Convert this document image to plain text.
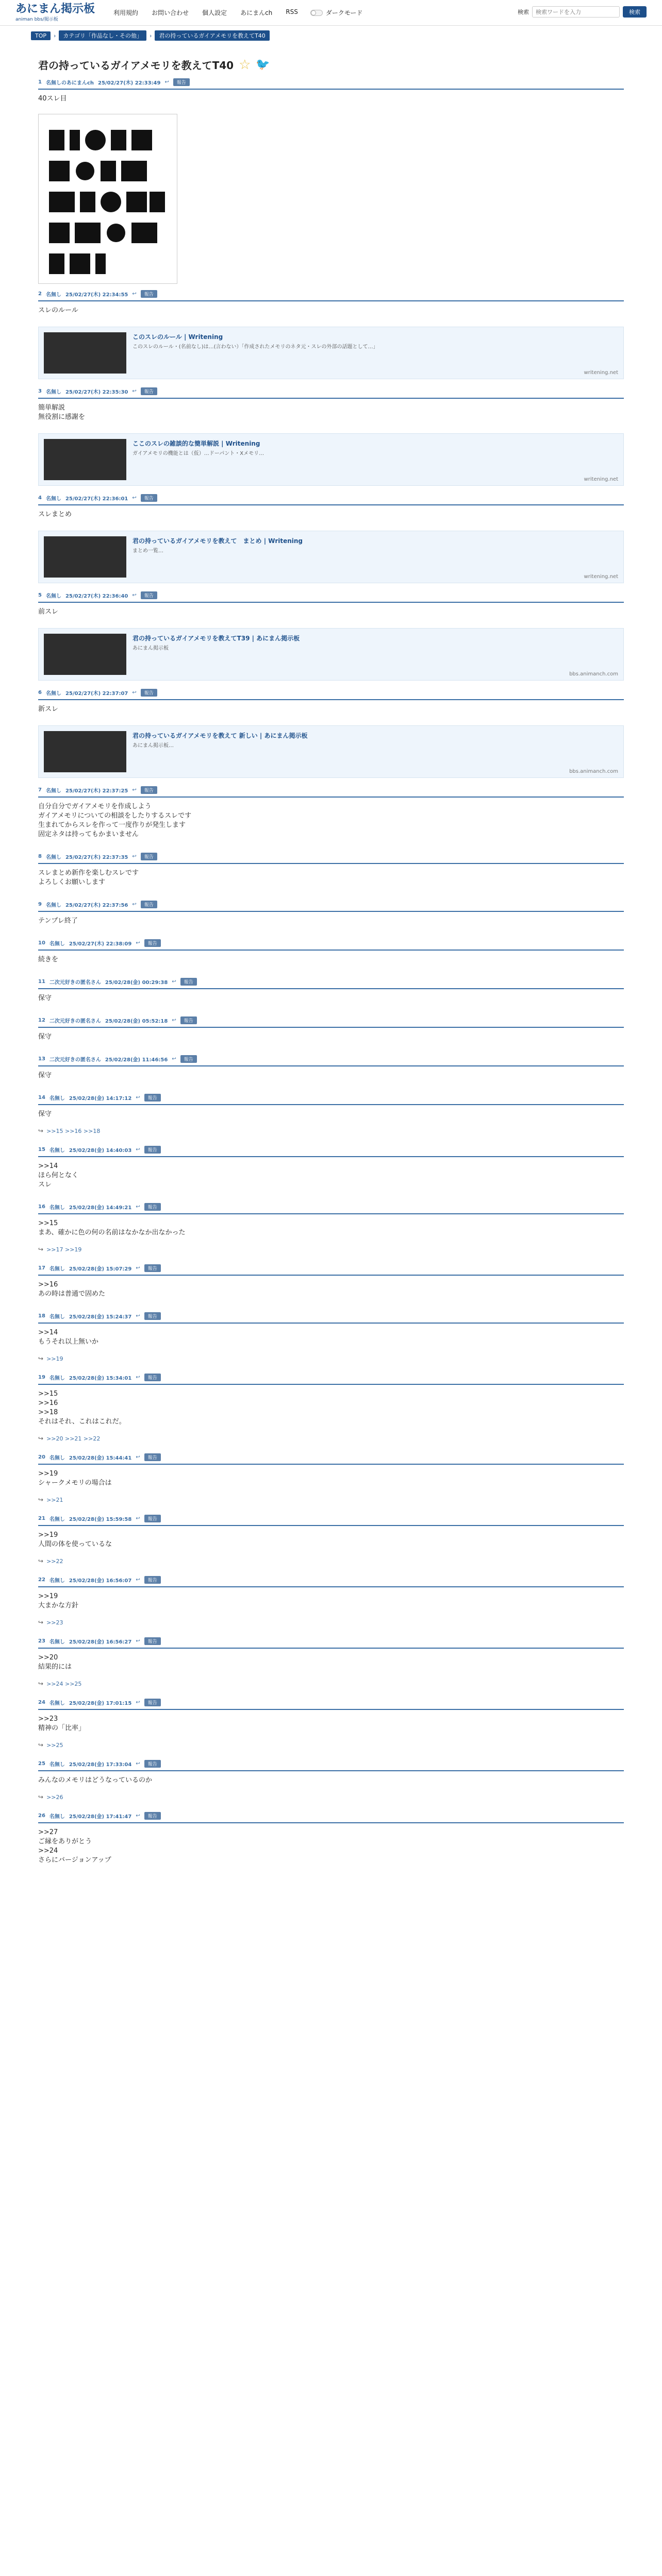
あにまん掲示板
animan bbs/掲示板
利用規約 お問い合わせ 個人設定 あにまんch RSS	ダークモード	検索
検索ワードを入力	検索
TOP	›	カテゴリ「作品なし・その他」	›	君の持っているガイアメモリを教えてT40
君の持っているガイアメモリを教えてT40 ☆ 🐦
1 名無しのあにまんch 25/02/27(木) 22:33:49 ↩	報告
40スレ目
2 名無し 25/02/27(木) 22:34:55 ↩	報告
スレのルール
このスレのルール | Writening
このスレのルール・(名前なし)は…(言わない）「作成されたメモリのネタ元・スレの外部の話題として…」
writening.net
3 名無し 25/02/27(木) 22:35:30 ↩	報告
簡単解説
無役割に感謝を
ここのスレの雑談的な簡単解説 | Writening
ガイアメモリの機能とは（仮）…ドーパント・Xメモリ…
writening.net
4 名無し 25/02/27(木) 22:36:01 ↩	報告
スレまとめ
君の持っているガイアメモリを教えて　まとめ | Writening
まとめ一覧…
writening.net
5 名無し 25/02/27(木) 22:36:40 ↩	報告
前スレ
君の持っているガイアメモリを教えてT39 | あにまん掲示板
あにまん掲示板
bbs.animanch.com
6 名無し 25/02/27(木) 22:37:07 ↩	報告
新スレ
君の持っているガイアメモリを教えて 新しい | あにまん掲示板
あにまん掲示板…
bbs.animanch.com
7 名無し 25/02/27(木) 22:37:25 ↩	報告
自分自分でガイアメモリを作成しよう
ガイアメモリについての相談をしたりするスレです
生まれてからスレを作って一度作りが発生します
固定ネタは持ってもかまいません
8 名無し 25/02/27(木) 22:37:35 ↩	報告
スレまとめ新作を楽しむスレです
よろしくお願いします
9 名無し 25/02/27(木) 22:37:56 ↩	報告
テンプレ終了
10 名無し 25/02/27(木) 22:38:09 ↩	報告
続きを
11 二次元好きの匿名さん 25/02/28(金) 00:29:38 ↩	報告
保守
12 二次元好きの匿名さん 25/02/28(金) 05:52:18 ↩	報告
保守
13 二次元好きの匿名さん 25/02/28(金) 11:46:56 ↩	報告
保守
14 名無し 25/02/28(金) 14:17:12 ↩	報告
保守
↪ >>15 >>16 >>18
15 名無し 25/02/28(金) 14:40:03 ↩	報告
>>14
ほら何となく
スレ
16 名無し 25/02/28(金) 14:49:21 ↩	報告
>>15
まあ、確かに色の何の名前はなかなか出なかった
↪ >>17 >>19
17 名無し 25/02/28(金) 15:07:29 ↩	報告
>>16
あの時は普通で固めた
18 名無し 25/02/28(金) 15:24:37 ↩	報告
>>14
もうそれ以上無いか
↪ >>19
19 名無し 25/02/28(金) 15:34:01 ↩	報告
>>15
>>16
>>18
それはそれ、これはこれだ。
↪ >>20 >>21 >>22
20 名無し 25/02/28(金) 15:44:41 ↩	報告
>>19
シャークメモリの場合は
↪ >>21
21 名無し 25/02/28(金) 15:59:58 ↩	報告
>>19
人間の体を使っているな
↪ >>22
22 名無し 25/02/28(金) 16:56:07 ↩	報告
>>19
大まかな方針
↪ >>23
23 名無し 25/02/28(金) 16:56:27 ↩	報告
>>20
結果的には
↪ >>24 >>25
24 名無し 25/02/28(金) 17:01:15 ↩	報告
>>23
精神の「比率」
↪ >>25
25 名無し 25/02/28(金) 17:33:04 ↩	報告
みんなのメモリはどうなっているのか
↪ >>26
26 名無し 25/02/28(金) 17:41:47 ↩	報告
>>27
ご縁をありがとう
>>24
さらにバージョンアップ
